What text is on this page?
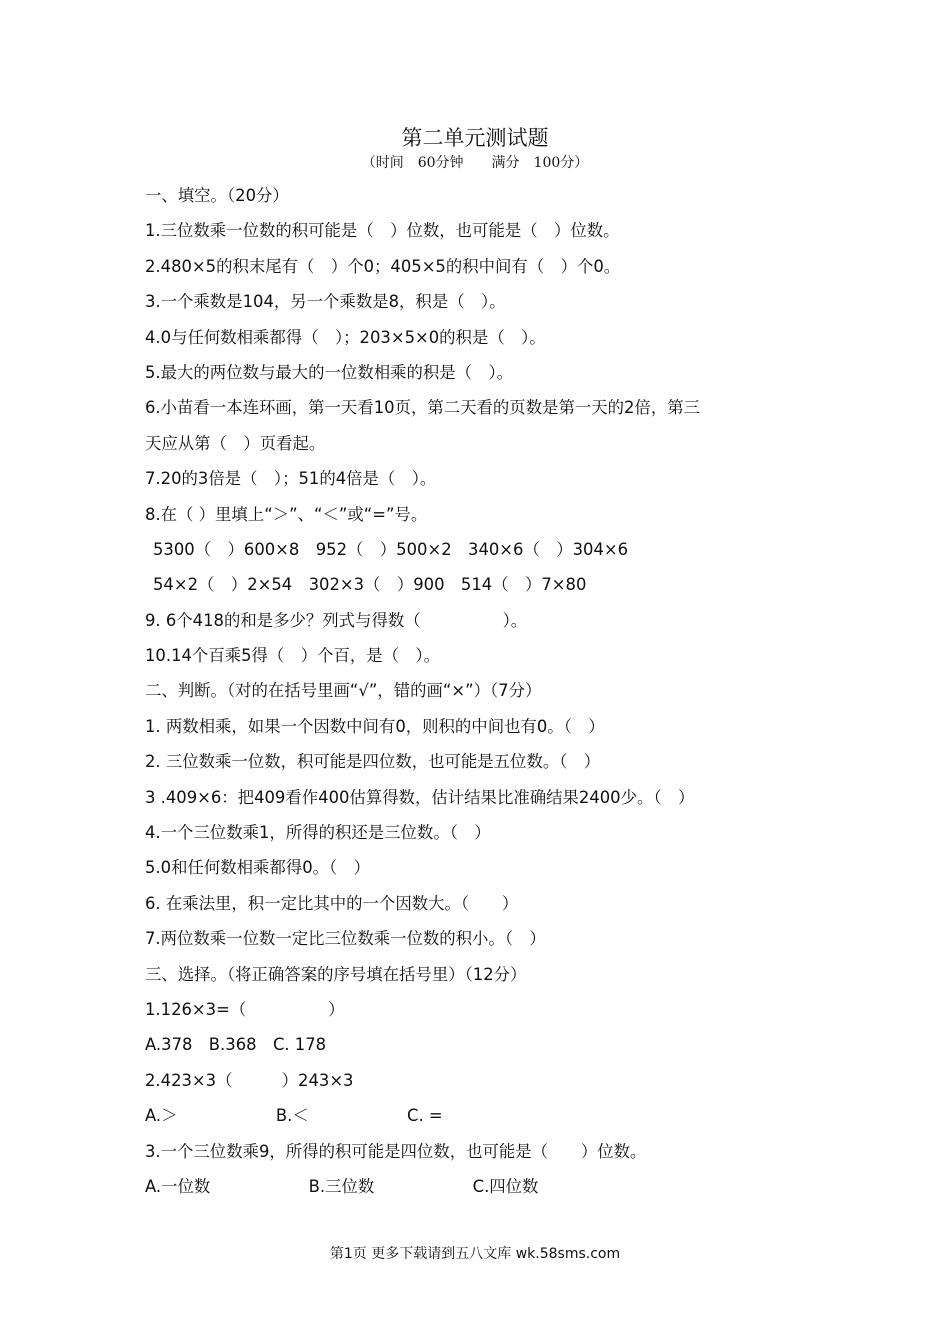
第二单元测试题
（时间　60分钟　　满分　100分）
一、填空。（20分）
1.三位数乘一位数的积可能是（　）位数，也可能是（　）位数。
2.480×5的积末尾有（　）个0；405×5的积中间有（　）个0。
3.一个乘数是104，另一个乘数是8，积是（　）。
4.0与任何数相乘都得（　）；203×5×0的积是（　）。
5.最大的两位数与最大的一位数相乘的积是（　）。
6.小苗看一本连环画，第一天看10页，第二天看的页数是第一天的2倍，第三
天应从第（　）页看起。
7.20的3倍是（　）；51的4倍是（　）。
8.在（ ）里填上“＞”、“＜”或“=”号。
5300（　）600×8　952（　）500×2　340×6（　）304×6
54×2（　）2×54　302×3（　）900　514（　）7×80
9. 6个418的和是多少？列式与得数（　　　　　）。
10.14个百乘5得（　）个百，是（　）。
二、判断。（对的在括号里画“√”，错的画“×”）（7分）
1. 两数相乘，如果一个因数中间有0，则积的中间也有0。（　）
2. 三位数乘一位数，积可能是四位数，也可能是五位数。（　）
3 .409×6：把409看作400估算得数，估计结果比准确结果2400少。（　）
4.一个三位数乘1，所得的积还是三位数。（　）
5.0和任何数相乘都得0。（　）
6. 在乘法里，积一定比其中的一个因数大。（　　）
7.两位数乘一位数一定比三位数乘一位数的积小。（　）
三、选择。（将正确答案的序号填在括号里）（12分）
1.126×3=（　　　　　）
A.378　B.368　C. 178
2.423×3（　　　）243×3
A.＞　　　　　　B.＜　　　　　　C. =
3.一个三位数乘9，所得的积可能是四位数，也可能是（　　）位数。
A.一位数　　　　　　B.三位数　　　　　　C.四位数
第1页 更多下载请到五八文库 wk.58sms.com
